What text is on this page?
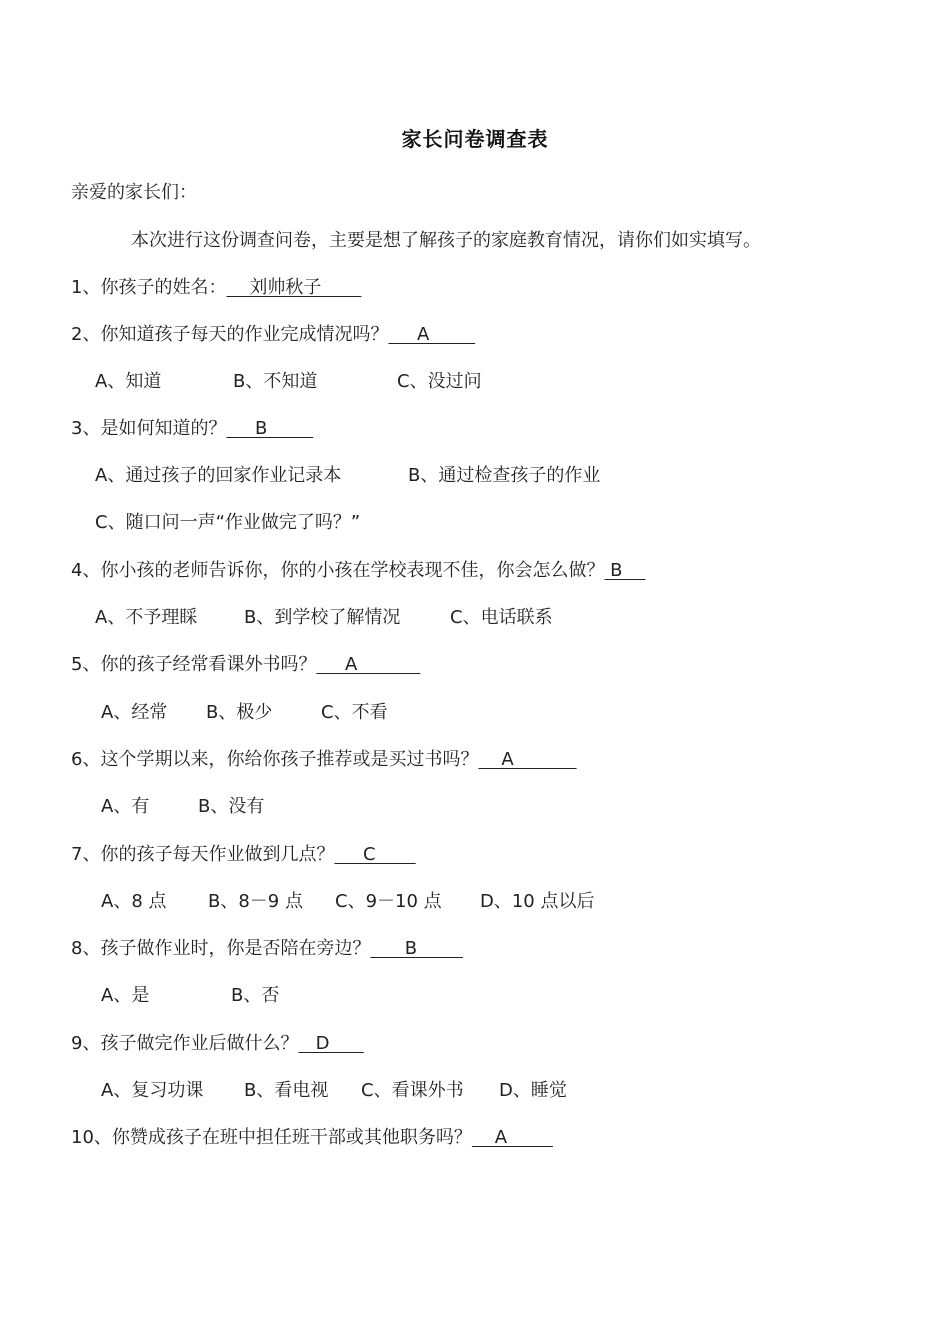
家长问卷调查表
亲爱的家长们：
本次进行这份调查问卷，主要是想了解孩子的家庭教育情况，请你们如实填写。
1、你孩子的姓名：    刘帅秋子
2、你知道孩子每天的作业完成情况吗？     A
A、知道	B、不知道	C、没过问
3、是如何知道的？     B
A、通过孩子的回家作业记录本	B、通过检查孩子的作业
C、随口问一声“作业做完了吗？”
4、你小孩的老师告诉你，你的小孩在学校表现不佳，你会怎么做？ B
A、不予理睬	B、到学校了解情况	C、电话联系
5、你的孩子经常看课外书吗？     A
A、经常 B、极少	C、不看
6、这个学期以来，你给你孩子推荐或是买过书吗？    A
A、有	B、没有
7、你的孩子每天作业做到几点？     C
A、8 点 B、8－9 点 C、9－10 点 D、10 点以后
8、孩子做作业时，你是否陪在旁边？      B
A、是	B、否
9、孩子做完作业后做什么？   D
A、复习功课 B、看电视 C、看课外书 D、睡觉
10、你赞成孩子在班中担任班干部或其他职务吗？    A
